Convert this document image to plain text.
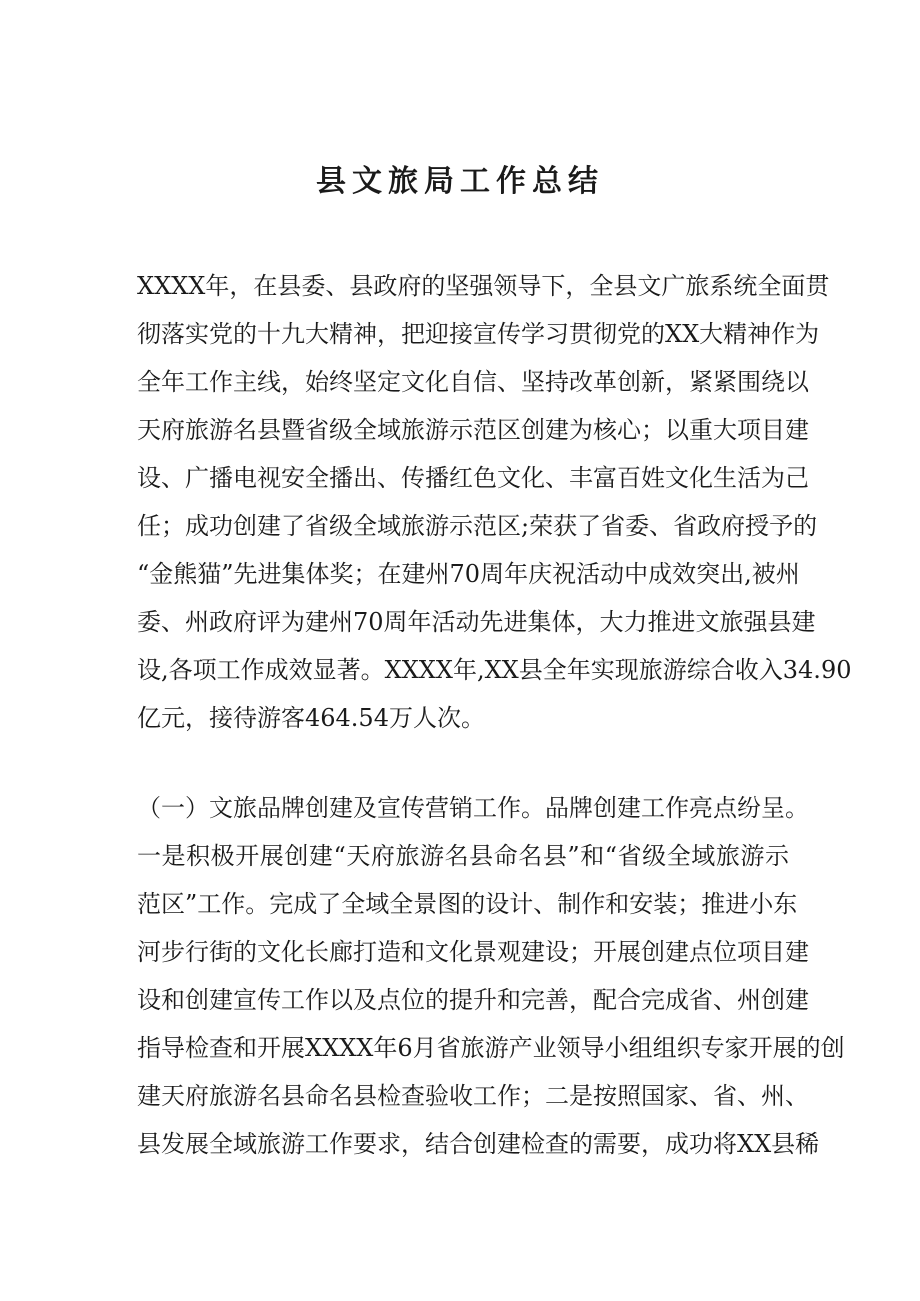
县文旅局工作总结
XXXX年，在县委、县政府的坚强领导下，全县文广旅系统全面贯
彻落实党的十九大精神，把迎接宣传学习贯彻党的XX大精神作为
全年工作主线，始终坚定文化自信、坚持改革创新，紧紧围绕以
天府旅游名县暨省级全域旅游示范区创建为核心；以重大项目建
设、广播电视安全播出、传播红色文化、丰富百姓文化生活为己
任；成功创建了省级全域旅游示范区;荣获了省委、省政府授予的
“金熊猫”先进集体奖；在建州70周年庆祝活动中成效突出,被州
委、州政府评为建州70周年活动先进集体，大力推进文旅强县建
设,各项工作成效显著。XXXX年,XX县全年实现旅游综合收入34.90
亿元，接待游客464.54万人次。
（一）文旅品牌创建及宣传营销工作。品牌创建工作亮点纷呈。
一是积极开展创建“天府旅游名县命名县”和“省级全域旅游示
范区”工作。完成了全域全景图的设计、制作和安装；推进小东
河步行街的文化长廊打造和文化景观建设；开展创建点位项目建
设和创建宣传工作以及点位的提升和完善，配合完成省、州创建
指导检查和开展XXXX年6月省旅游产业领导小组组织专家开展的创
建天府旅游名县命名县检查验收工作；二是按照国家、省、州、
县发展全域旅游工作要求，结合创建检查的需要，成功将XX县稀
